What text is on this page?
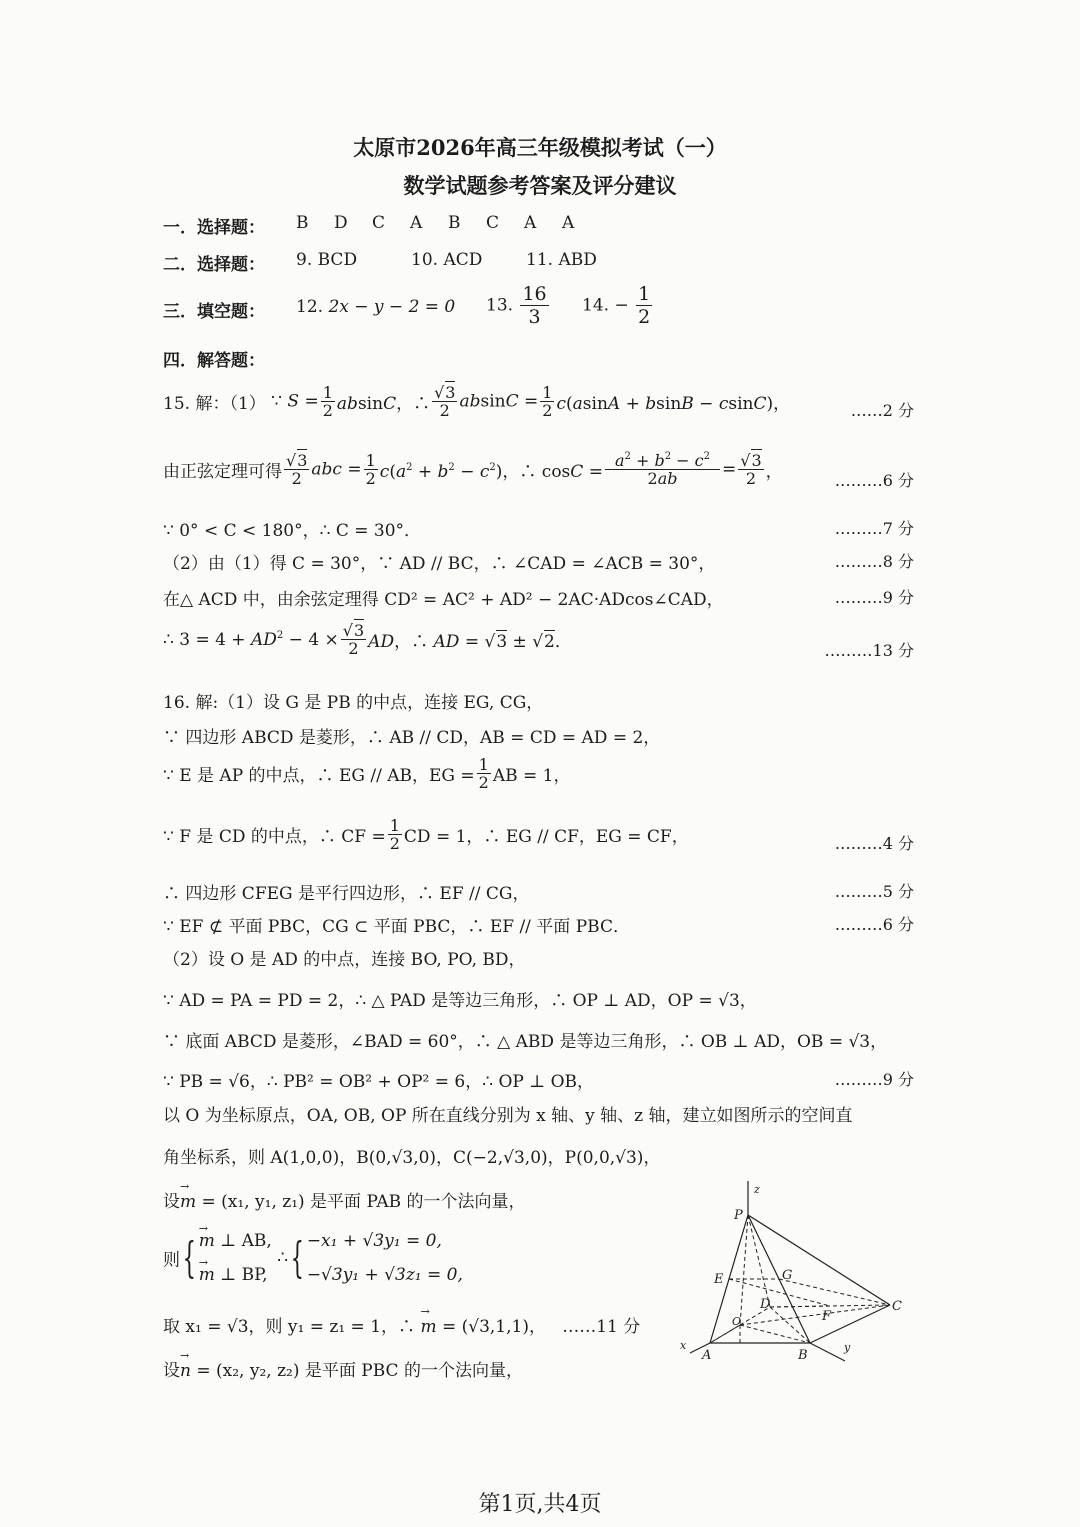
太原市2026年高三年级模拟考试（一）
数学试题参考答案及评分建议
一．选择题： B D C A B C A A
二．选择题： 9. BCD	10. ACD	11. ABD
三．填空题： 12. 2x − y − 2 = 0 13. $\frac{16}{3} 14$. − $\frac{1}{2}$
四．解答题：
15. 解：（1） ∵ $S = \frac{1}{2}$ absinC，∴ $\frac{√3}{2}$ $absinC = \frac{1}{2} c(asinA + bsinB - csinC)$，	……2 分
由正弦定理可得 $\frac{√3}{2}$ abc = $\frac{1}{2} c(a^2 + b^2 - c^2)$，∴ $\cos C = \frac{a^2 + b^2 - c^2}{2ab} = \frac{√3}{2}$ ，	………6 分
∵ 0° < C < 180°，∴ C = 30°．	………7 分
（2）由（1）得 C = 30°，∵ AD // BC，∴ ∠CAD = ∠ACB = 30°，	………8 分
在△ ACD 中，由余弦定理得 CD² = AC² + AD² − 2AC·ADcos∠CAD，	………9 分
∴ $3 = 4 + AD^2 - 4 \times \frac{√3}{2}$ AD，∴ AD = √3 ± √2．	………13 分
16. 解:（1）设 G 是 PB 的中点，连接 EG, CG，
∵ 四边形 ABCD 是菱形，∴ AB // CD，AB = CD = AD = 2，
∵ E 是 AP 的中点，∴ EG // AB，EG = $\frac{1}{2}$ AB = 1，
∵ F 是 CD 的中点，∴ CF = $\frac{1}{2}$ CD = 1，∴ EG // CF，EG = CF，	………4 分
∴ 四边形 CFEG 是平行四边形，∴ EF // CG，	………5 分
∵ EF ⊄ 平面 PBC，CG ⊂ 平面 PBC，∴ EF // 平面 PBC．	………6 分
（2）设 O 是 AD 的中点，连接 BO, PO, BD，
∵ AD = PA = PD = 2，∴ △ PAD 是等边三角形，∴ OP ⊥ AD，OP = √3，
∵ 底面 ABCD 是菱形，∠BAD = 60°，∴ △ ABD 是等边三角形，∴ OB ⊥ AD，OB = √3，
∵ PB = √6，∴ PB² = OB² + OP² = 6，∴ OP ⊥ OB，	………9 分
以 O 为坐标原点，OA, OB, OP 所在直线分别为 x 轴、y 轴、z 轴，建立如图所示的空间直
角坐标系，则 A(1,0,0)，B(0,√3,0)，C(−2,√3,0)，P(0,0,√3)，
设→ m = (x₁, y₁, z₁) 是平面 PAB 的一个法向量，
则{ → m ⊥ AB,
→ m ⊥ BP, ∴{ −x₁ + √3y₁ = 0,
−√3y₁ + √3z₁ = 0,
取 x₁ = √3，则 y₁ = z₁ = 1，∴ → m = (√3,1,1)， ……11 分
设→ n = (x₂, y₂, z₂) 是平面 PBC 的一个法向量，
P
z
E	G
D
O	F
C
A	B
x	y
第1页,共4页
